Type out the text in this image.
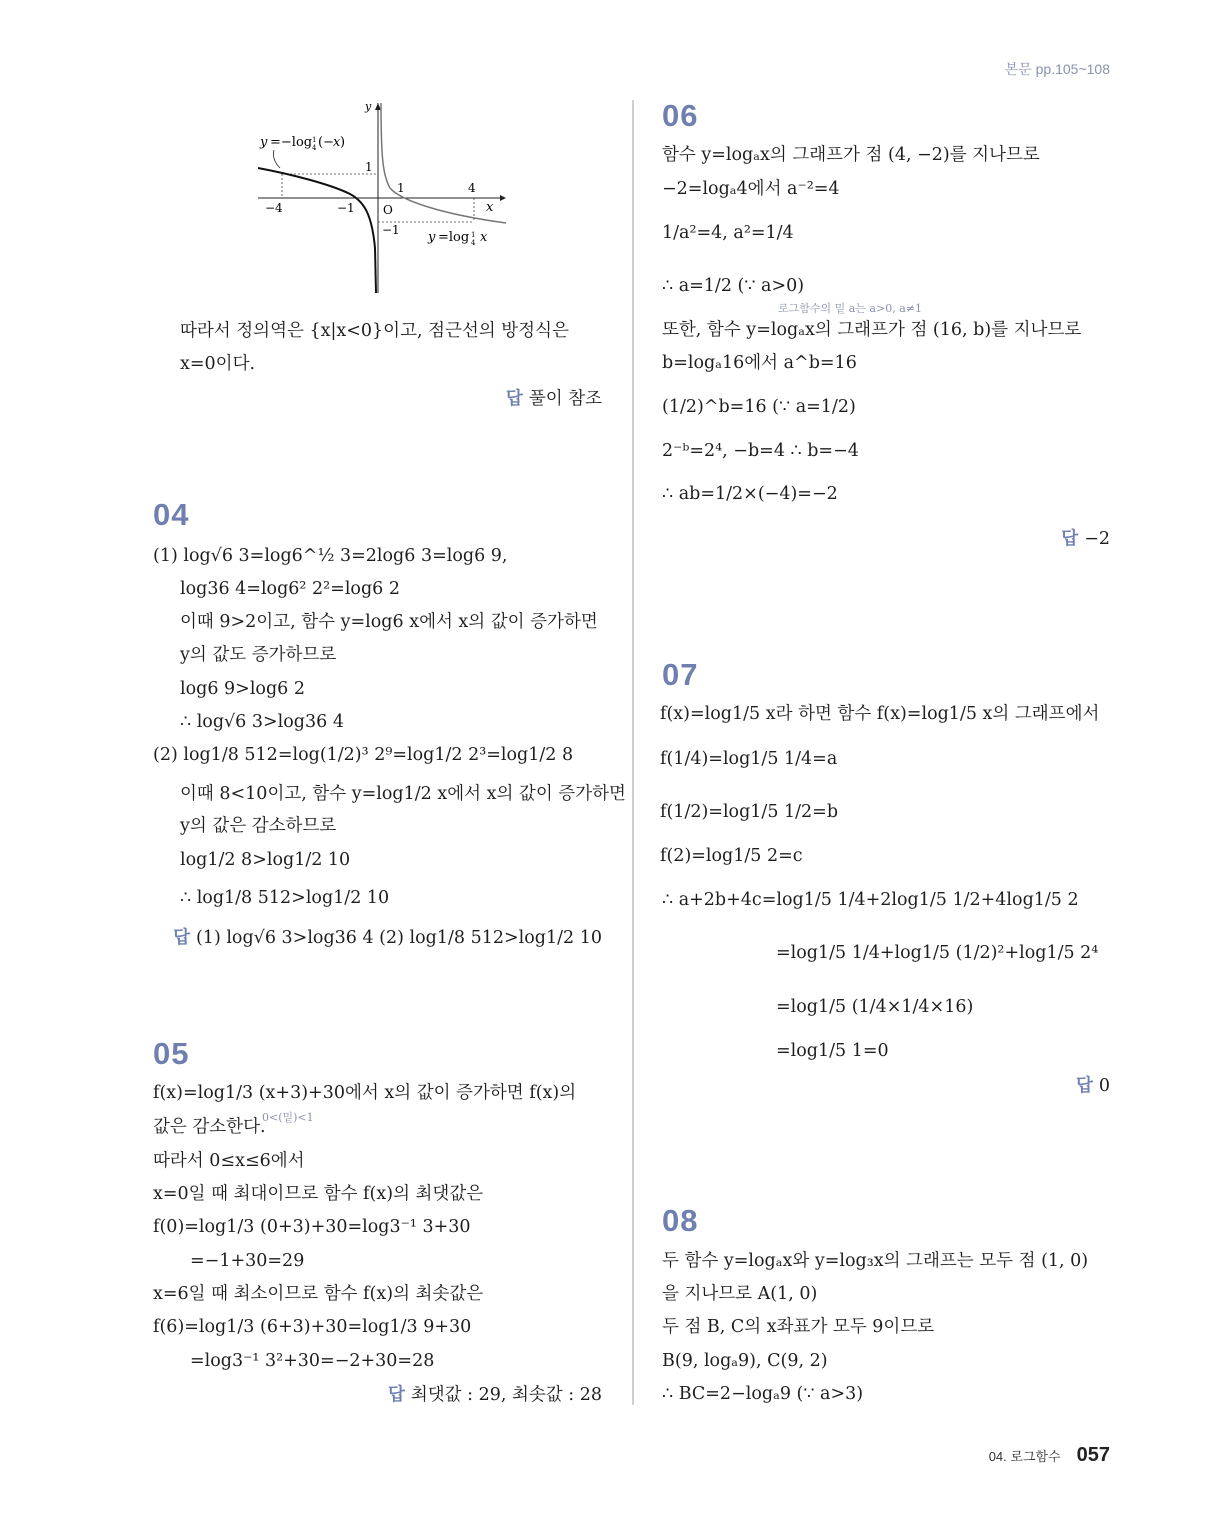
본문 pp.105~108
y
x
O
1
1	4
−4	−1
−1
y =−log 1
4 (− x )
y =log 1
4 x
따라서 정의역은 {x|x<0}이고, 점근선의 방정식은
x=0이다.
답 풀이 참조
04
(1) log√6 3=log6^½ 3=2log6 3=log6 9,
log36 4=log6² 2²=log6 2
이때 9>2이고, 함수 y=log6 x에서 x의 값이 증가하면
y의 값도 증가하므로
log6 9>log6 2
∴ log√6 3>log36 4
(2) log1/8 512=log(1/2)³ 2⁹=log1/2 2³=log1/2 8
이때 8<10이고, 함수 y=log1/2 x에서 x의 값이 증가하면
y의 값은 감소하므로
log1/2 8>log1/2 10
∴ log1/8 512>log1/2 10
답 (1) log√6 3>log36 4 (2) log1/8 512>log1/2 10
05
f(x)=log1/3 (x+3)+30에서 x의 값이 증가하면 f(x)의
0<(밑)<1
값은 감소한다.
따라서 0≤x≤6에서
x=0일 때 최대이므로 함수 f(x)의 최댓값은
f(0)=log1/3 (0+3)+30=log3⁻¹ 3+30
=−1+30=29
x=6일 때 최소이므로 함수 f(x)의 최솟값은
f(6)=log1/3 (6+3)+30=log1/3 9+30
=log3⁻¹ 3²+30=−2+30=28
답 최댓값 : 29, 최솟값 : 28
06
함수 y=logₐx의 그래프가 점 (4, −2)를 지나므로
−2=logₐ4에서 a⁻²=4
1/a²=4, a²=1/4
∴ a=1/2 (∵ a>0)
로그함수의 밑 a는 a>0, a≠1
또한, 함수 y=logₐx의 그래프가 점 (16, b)를 지나므로
b=logₐ16에서 a^b=16
(1/2)^b=16 (∵ a=1/2)
2⁻ᵇ=2⁴, −b=4 ∴ b=−4
∴ ab=1/2×(−4)=−2
답 −2
07
f(x)=log1/5 x라 하면 함수 f(x)=log1/5 x의 그래프에서
f(1/4)=log1/5 1/4=a
f(1/2)=log1/5 1/2=b
f(2)=log1/5 2=c
∴ a+2b+4c=log1/5 1/4+2log1/5 1/2+4log1/5 2
=log1/5 1/4+log1/5 (1/2)²+log1/5 2⁴
=log1/5 (1/4×1/4×16)
=log1/5 1=0
답 0
08
두 함수 y=logₐx와 y=log₃x의 그래프는 모두 점 (1, 0)
을 지나므로 A(1, 0)
두 점 B, C의 x좌표가 모두 9이므로
B(9, logₐ9), C(9, 2)
∴ BC=2−logₐ9 (∵ a>3)
04. 로그함수 057
